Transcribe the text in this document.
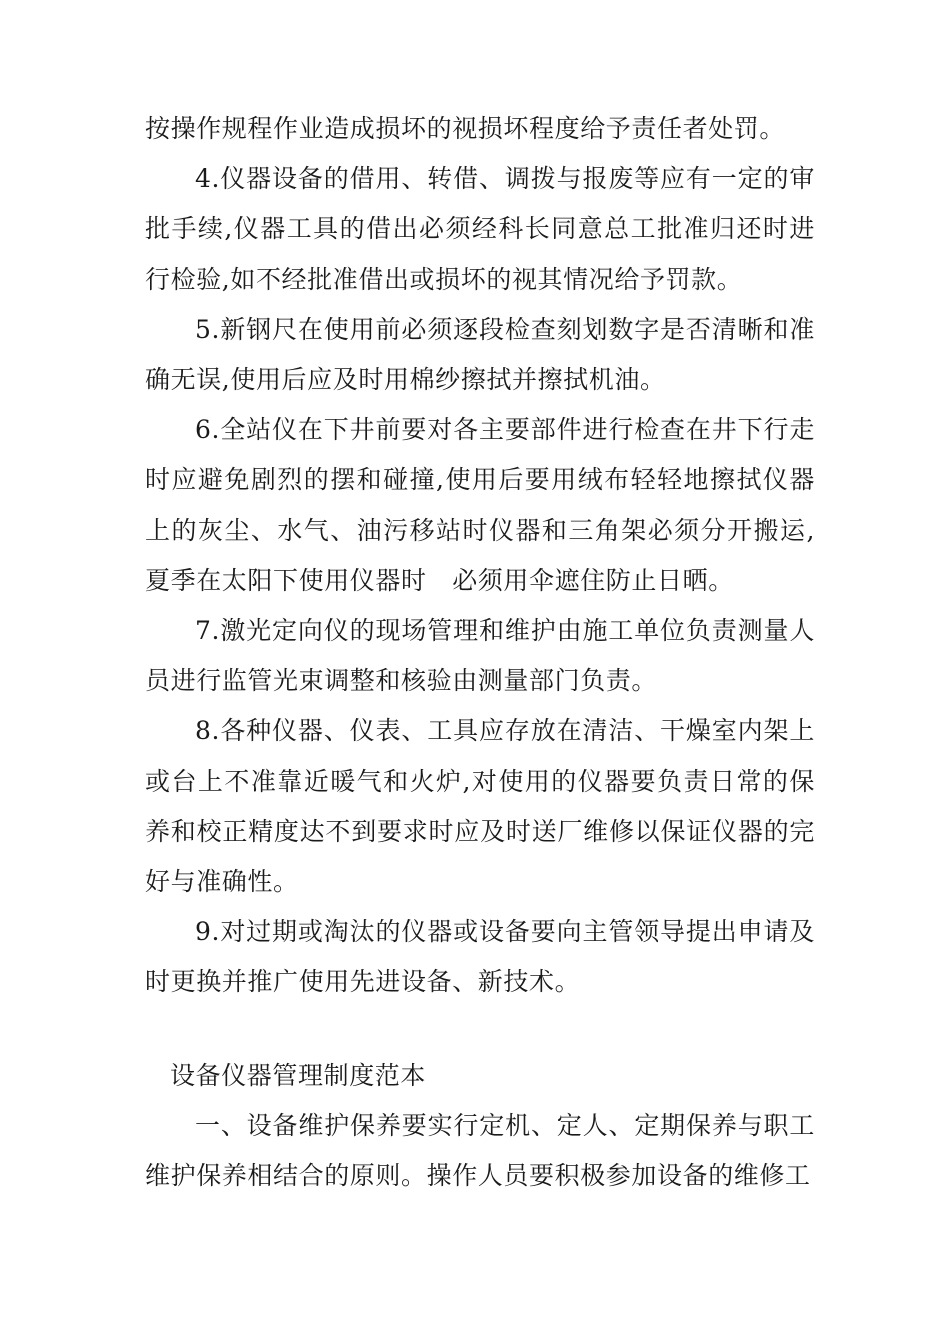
按操作规程作业造成损坏的视损坏程度给予责任者处罚。

4.仪器设备的借用、转借、调拨与报废等应有一定的审批手续,仪器工具的借出必须经科长同意总工批准归还时进行检验,如不经批准借出或损坏的视其情况给予罚款。

5.新钢尺在使用前必须逐段检查刻划数字是否清晰和准确无误,使用后应及时用棉纱擦拭并擦拭机油。

6.全站仪在下井前要对各主要部件进行检查在井下行走时应避免剧烈的摆和碰撞,使用后要用绒布轻轻地擦拭仪器上的灰尘、水气、油污移站时仪器和三角架必须分开搬运,夏季在太阳下使用仪器时　必须用伞遮住防止日晒。

7.激光定向仪的现场管理和维护由施工单位负责测量人员进行监管光束调整和核验由测量部门负责。

8.各种仪器、仪表、工具应存放在清洁、干燥室内架上或台上不准靠近暖气和火炉,对使用的仪器要负责日常的保养和校正精度达不到要求时应及时送厂维修以保证仪器的完好与准确性。

9.对过期或淘汰的仪器或设备要向主管领导提出申请及时更换并推广使用先进设备、新技术。

设备仪器管理制度范本

一、设备维护保养要实行定机、定人、定期保养与职工维护保养相结合的原则。操作人员要积极参加设备的维修工
